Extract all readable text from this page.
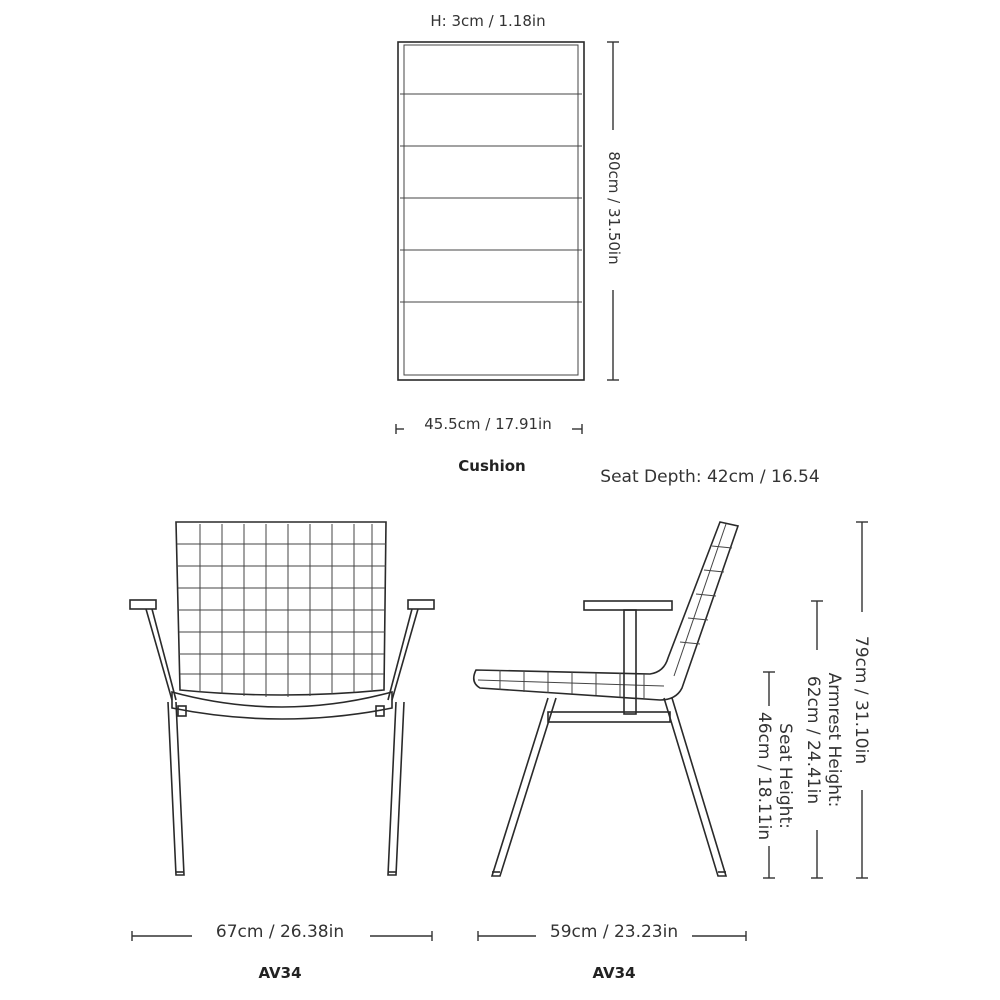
H: 3cm / 1.18in
80cm / 31.50in
45.5cm / 17.91in
Cushion
67cm / 26.38in
AV34
Seat Depth: 42cm / 16.54
59cm / 23.23in
AV34
79cm / 31.10in
Armrest Height:
62cm / 24.41in
Seat Height:
46cm / 18.11in
